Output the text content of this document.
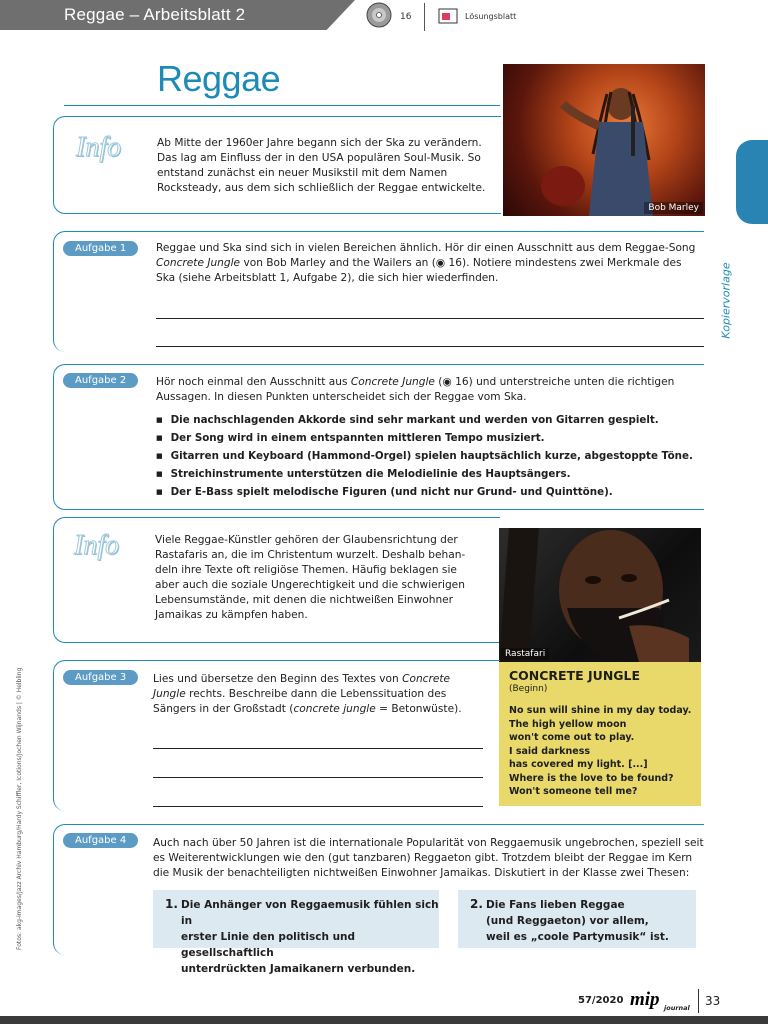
Reggae – Arbeitsblatt 2	16	Lösungsblatt
Reggae
Info	Ab Mitte der 1960er Jahre begann sich der Ska zu verändern. Das lag am Einfluss der in den USA populären Soul-Musik. So entstand zunächst ein neuer Musikstil mit dem Namen Rocksteady, aus dem sich schließlich der Reggae entwickelte.
Bob Marley
Praxis
Kopiervorlage
Aufgabe 1	Reggae und Ska sind sich in vielen Bereichen ähnlich. Hör dir einen Ausschnitt aus dem Reggae-Song
Concrete Jungle von Bob Marley and the Wailers an (◉ 16). Notiere mindestens zwei Merkmale des
Ska (siehe Arbeitsblatt 1, Aufgabe 2), die sich hier wiederfinden.
Aufgabe 2	Hör noch einmal den Ausschnitt aus Concrete Jungle (◉ 16) und unterstreiche unten die richtigen
Aussagen. In diesen Punkten unterscheidet sich der Reggae vom Ska.
■ Die nachschlagenden Akkorde sind sehr markant und werden von Gitarren gespielt.
■ Der Song wird in einem entspannten mittleren Tempo musiziert.
■ Gitarren und Keyboard (Hammond-Orgel) spielen hauptsächlich kurze, abgestoppte Töne.
■ Streichinstrumente unterstützen die Melodielinie des Hauptsängers.
■ Der E-Bass spielt melodische Figuren (und nicht nur Grund- und Quinttöne).
Info	Viele Reggae-Künstler gehören der Glaubensrichtung der
Rastafaris an, die im Christentum wurzelt. Deshalb behan-
deln ihre Texte oft religiöse Themen. Häufig beklagen sie
aber auch die soziale Ungerechtigkeit und die schwierigen
Lebensumstände, mit denen die nichtweißen Einwohner
Jamaikas zu kämpfen haben.
Rastafari
CONCRETE JUNGLE
(Beginn)
No sun will shine in my day today.
The high yellow moon
won't come out to play.
I said darkness
has covered my light. [...]
Where is the love to be found?
Won't someone tell me?
Aufgabe 3	Lies und übersetze den Beginn des Textes von Concrete
Jungle rechts. Beschreibe dann die Lebenssituation des
Sängers in der Großstadt (concrete jungle = Betonwüste).
Aufgabe 4	Auch nach über 50 Jahren ist die internationale Popularität von Reggaemusik ungebrochen, speziell seit
es Weiterentwicklungen wie den (gut tanzbaren) Reggaeton gibt. Trotzdem bleibt der Reggae im Kern
die Musik der benachteiligten nichtweißen Einwohner Jamaikas. Diskutiert in der Klasse zwei Thesen:
1. Die Anhänger von Reggaemusik fühlen sich in
erster Linie den politisch und gesellschaftlich
unterdrückten Jamaikanern verbunden.
2. Die Fans lieben Reggae
(und Reggaeton) vor allem,
weil es „coole Partymusik“ ist.
Fotos: akg-images/Jazz Archiv Hamburg/Hardy Schiffler, Icotions/Jochen Wijnands | © Helbling
57/2020 mip journal 33
